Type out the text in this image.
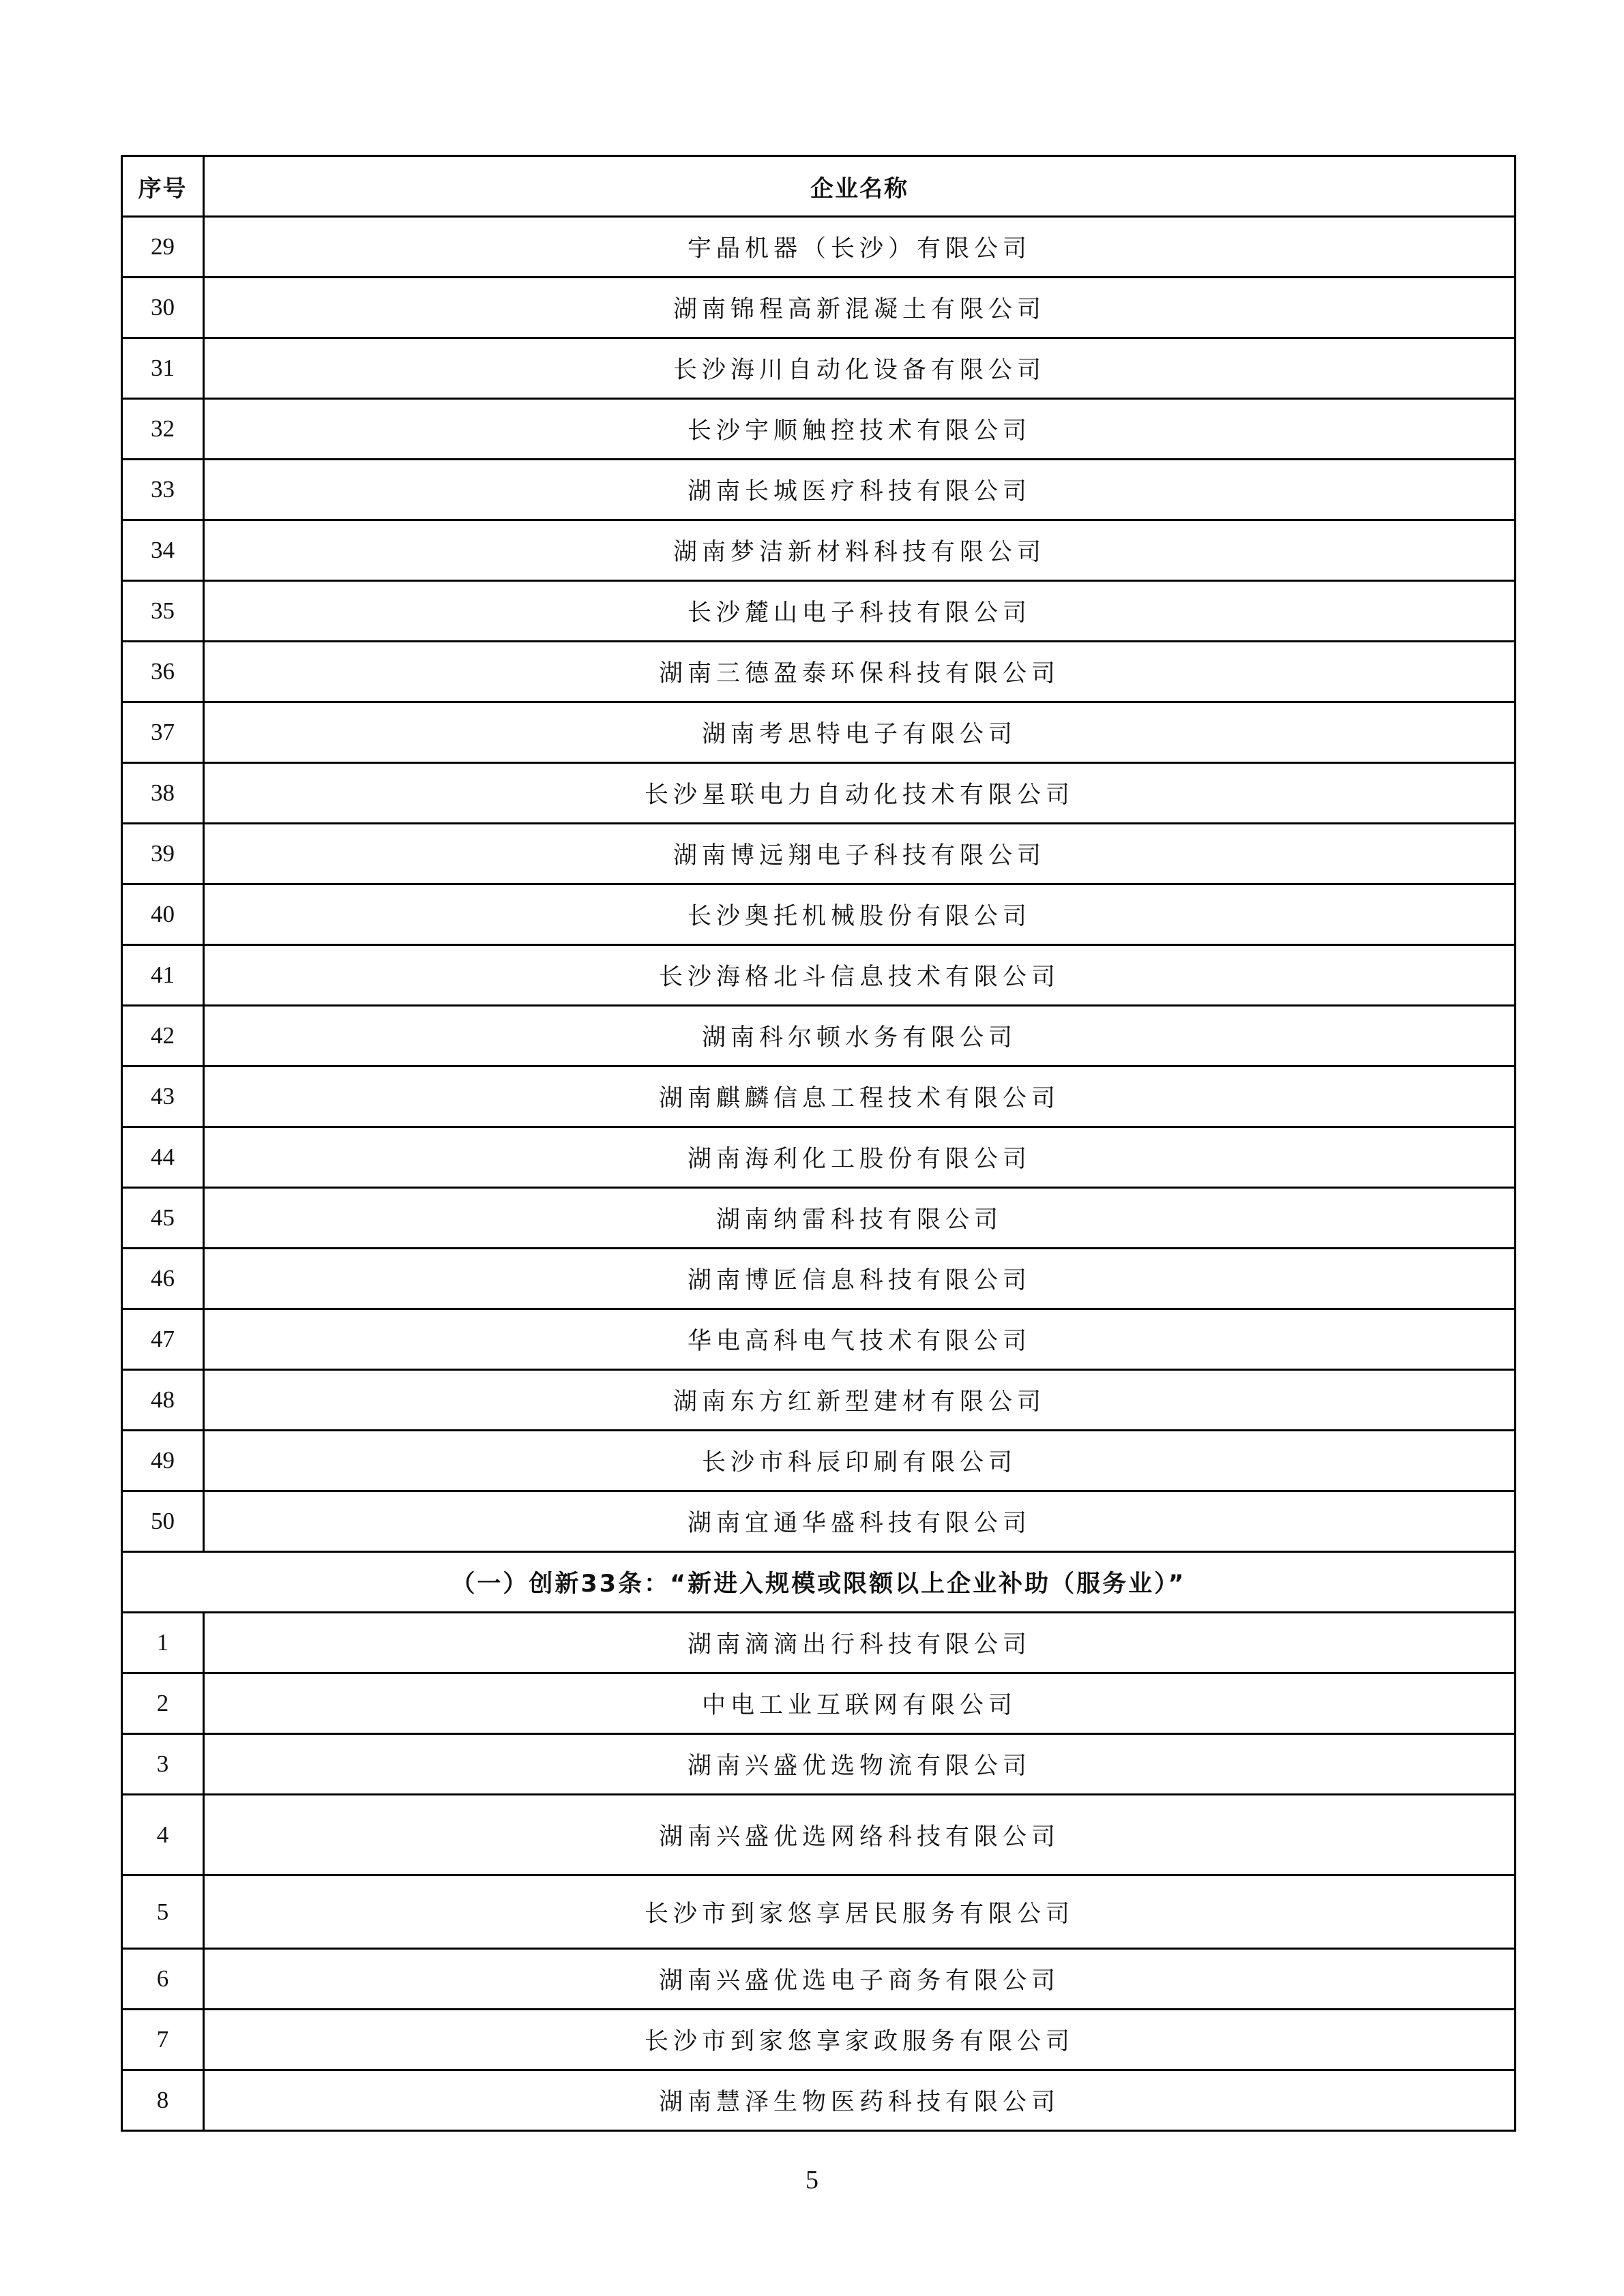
序号	企业名称
29	宇晶机器（长沙）有限公司
30	湖南锦程高新混凝土有限公司
31	长沙海川自动化设备有限公司
32	长沙宇顺触控技术有限公司
33	湖南长城医疗科技有限公司
34	湖南梦洁新材料科技有限公司
35	长沙麓山电子科技有限公司
36	湖南三德盈泰环保科技有限公司
37	湖南考思特电子有限公司
38	长沙星联电力自动化技术有限公司
39	湖南博远翔电子科技有限公司
40	长沙奥托机械股份有限公司
41	长沙海格北斗信息技术有限公司
42	湖南科尔顿水务有限公司
43	湖南麒麟信息工程技术有限公司
44	湖南海利化工股份有限公司
45	湖南纳雷科技有限公司
46	湖南博匠信息科技有限公司
47	华电高科电气技术有限公司
48	湖南东方红新型建材有限公司
49	长沙市科辰印刷有限公司
50	湖南宜通华盛科技有限公司
（一）创新33条：“新进入规模或限额以上企业补助（服务业）”	
1	湖南滴滴出行科技有限公司
2	中电工业互联网有限公司
3	湖南兴盛优选物流有限公司
4	湖南兴盛优选网络科技有限公司
5	长沙市到家悠享居民服务有限公司
6	湖南兴盛优选电子商务有限公司
7	长沙市到家悠享家政服务有限公司
8	湖南慧泽生物医药科技有限公司
5
